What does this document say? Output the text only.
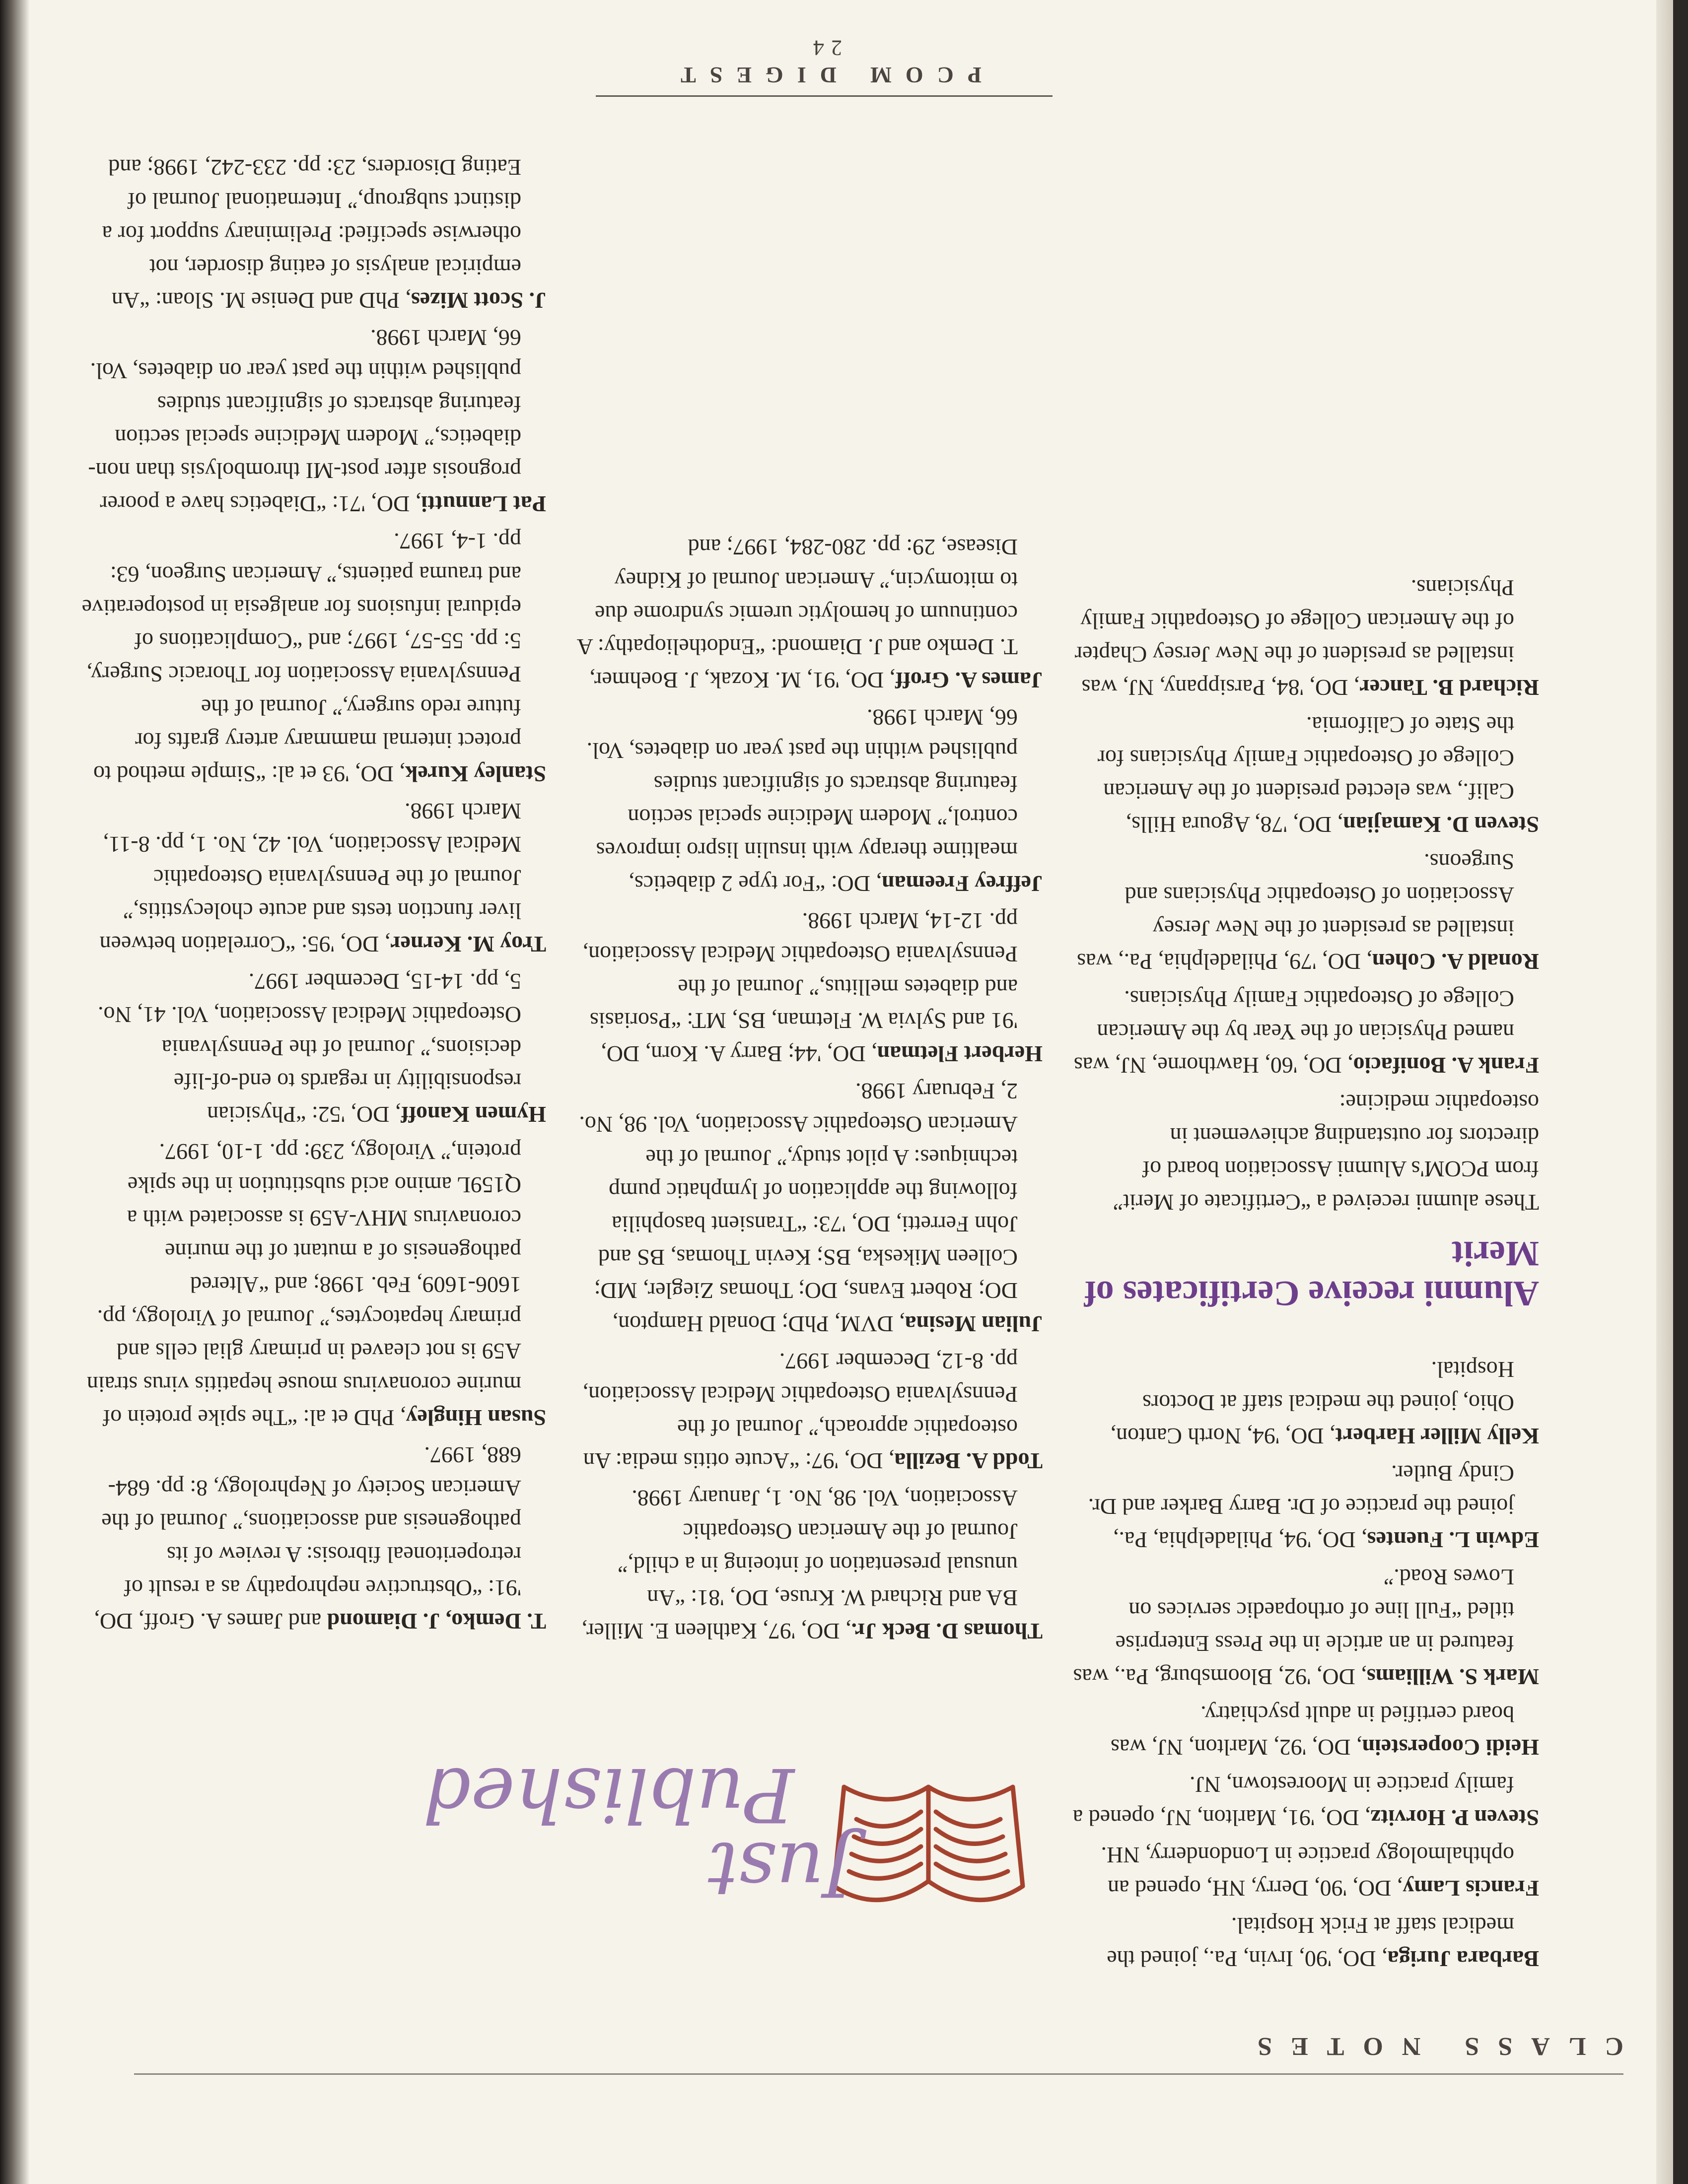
CLASS NOTES

Barbara Juriga, DO, '90, Irvin, Pa., joined the medical staff at Frick Hospital.

Francis Lamy, DO, '90, Derry, NH, opened an ophthalmology practice in Londonderry, NH.

Steven P. Horvitz, DO, '91, Marlton, NJ, opened a family practice in Moorestown, NJ.

Heidi Cooperstein, DO, '92, Marlton, NJ, was board certified in adult psychiatry.

Mark S. Williams, DO, '92, Bloomsburg, Pa., was featured in an article in the Press Enterprise titled “Full line of orthopaedic services on Lowes Road.”

Edwin L. Fuentes, DO, '94, Philadelphia, Pa., joined the practice of Dr. Barry Barker and Dr. Cindy Butler.

Kelly Miller Harbert, DO, '94, North Canton, Ohio, joined the medical staff at Doctors Hospital.

Alumni receive Certificates of Merit

These alumni received a “Certificate of Merit” from PCOM's Alumni Association board of directors for outstanding achievement in osteopathic medicine:

Frank A. Bonifacio, DO, '60, Hawthorne, NJ, was named Physician of the Year by the American College of Osteopathic Family Physicians.

Ronald A. Cohen, DO, '79, Philadelphia, Pa., was installed as president of the New Jersey Association of Osteopathic Physicians and Surgeons.

Steven D. Kamajian, DO, '78, Agoura Hills, Calif., was elected president of the American College of Osteopathic Family Physicians for the State of California.

Richard B. Tancer, DO, '84, Parsippany, NJ, was installed as president of the New Jersey Chapter of the American College of Osteopathic Family Physicians.

Just
Published

Thomas D. Beck Jr., DO, '97, Kathleen E. Miller, BA and Richard W. Kruse, DO, '81: “An unusual presentation of intoeing in a child,” Journal of the American Osteopathic Association, Vol. 98, No. 1, January 1998.

Todd A. Bezilla, DO, '97: “Acute otitis media: An osteopathic approach,” Journal of the Pennsylvania Osteopathic Medical Association, pp. 8-12, December 1997.

Julian Mesina, DVM, PhD; Donald Hampton, DO; Robert Evans, DO; Thomas Ziegler, MD; Colleen Mikeska, BS; Kevin Thomas, BS and John Ferretti, DO, '73: “Transient basophilia following the application of lymphatic pump techniques: A pilot study,” Journal of the American Osteopathic Association, Vol. 98, No. 2, February 1998.

Herbert Fletman, DO, '44; Barry A. Korn, DO, '91 and Sylvia W. Fletman, BS, MT: “Psoriasis and diabetes mellitus,” Journal of the Pennsylvania Osteopathic Medical Association, pp. 12-14, March 1998.

Jeffrey Freeman, DO: “For type 2 diabetics, mealtime therapy with insulin lispro improves control,” Modern Medicine special section featuring abstracts of significant studies published within the past year on diabetes, Vol. 66, March 1998.

James A. Groff, DO, '91, M. Kozak, J. Boehmer, T. Demko and J. Diamond: “Endotheliopathy: A continuum of hemolytic uremic syndrome due to mitomycin,” American Journal of Kidney Disease, 29: pp. 280-284, 1997; and

T. Demko, J. Diamond and James A. Groff, DO, '91: “Obstructive nephropathy as a result of retroperitoneal fibrosis: A review of its pathogenesis and associations,” Journal of the American Society of Nephrology, 8: pp. 684-688, 1997.

Susan Hingley, PhD et al: “The spike protein of murine coronavirus mouse hepatitis virus strain A59 is not cleaved in primary glial cells and primary hepatocytes,” Journal of Virology, pp. 1606-1609, Feb. 1998; and “Altered pathogenesis of a mutant of the murine coronavirus MHV-A59 is associated with a Q159L amino acid substitution in the spike protein,” Virology, 239: pp. 1-10, 1997.

Hymen Kanoff, DO, '52: “Physician responsibility in regards to end-of-life decisions,” Journal of the Pennsylvania Osteopathic Medical Association, Vol. 41, No. 5, pp. 14-15, December 1997.

Troy M. Kerner, DO, '95: “Correlation between liver function tests and acute cholecystitis,” Journal of the Pennsylvania Osteopathic Medical Association, Vol. 42, No. 1, pp. 8-11, March 1998.

Stanley Kurek, DO, '93 et al: “Simple method to protect internal mammary artery grafts for future redo surgery,” Journal of the Pennsylvania Association for Thoracic Surgery, 5: pp. 55-57, 1997; and “Complications of epidural infusions for analgesia in postoperative and trauma patients,” American Surgeon, 63: pp. 1-4, 1997.

Pat Lannutti, DO, '71: “Diabetics have a poorer prognosis after post-MI thrombolysis than non-diabetics,” Modern Medicine special section featuring abstracts of significant studies published within the past year on diabetes, Vol. 66, March 1998.

J. Scott Mizes, PhD and Denise M. Sloan: “An empirical analysis of eating disorder, not otherwise specified: Preliminary support for a distinct subgroup,” International Journal of Eating Disorders, 23: pp. 233-242, 1998; and

PCOM DIGEST
24
